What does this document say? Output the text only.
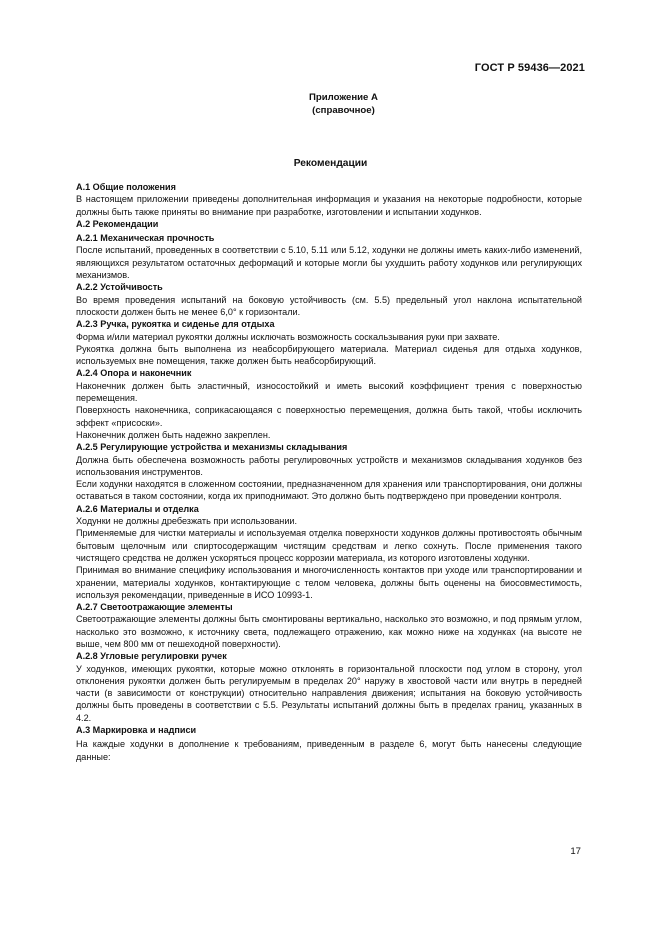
ГОСТ Р 59436—2021
Приложение А
(справочное)
Рекомендации
А.1 Общие положения

В настоящем приложении приведены дополнительная информация и указания на некоторые подробности, которые должны быть также приняты во внимание при разработке, изготовлении и испытании ходунков.

А.2 Рекомендации
А.2.1 Механическая прочность

После испытаний, проведенных в соответствии с 5.10, 5.11 или 5.12, ходунки не должны иметь каких-либо изменений, являющихся результатом остаточных деформаций и которые могли бы ухудшить работу ходунков или регулирующих механизмов.

А.2.2 Устойчивость

Во время проведения испытаний на боковую устойчивость (см. 5.5) предельный угол наклона испытательной плоскости должен быть не менее 6,0° к горизонтали.

А.2.3 Ручка, рукоятка и сиденье для отдыха

Форма и/или материал рукоятки должны исключать возможность соскальзывания руки при захвате.

Рукоятка должна быть выполнена из неабсорбирующего материала. Материал сиденья для отдыха ходунков, используемых вне помещения, также должен быть неабсорбирующий.

А.2.4 Опора и наконечник

Наконечник должен быть эластичный, износостойкий и иметь высокий коэффициент трения с поверхностью перемещения.

Поверхность наконечника, соприкасающаяся с поверхностью перемещения, должна быть такой, чтобы исключить эффект «присоски».

Наконечник должен быть надежно закреплен.

А.2.5 Регулирующие устройства и механизмы складывания

Должна быть обеспечена возможность работы регулировочных устройств и механизмов складывания ходунков без использования инструментов.

Если ходунки находятся в сложенном состоянии, предназначенном для хранения или транспортирования, они должны оставаться в таком состоянии, когда их приподнимают. Это должно быть подтверждено при проведении контроля.

А.2.6 Материалы и отделка

Ходунки не должны дребезжать при использовании.

Применяемые для чистки материалы и используемая отделка поверхности ходунков должны противостоять обычным бытовым щелочным или спиртосодержащим чистящим средствам и легко сохнуть. После применения такого чистящего средства не должен ускоряться процесс коррозии материала, из которого изготовлены ходунки.

Принимая во внимание специфику использования и многочисленность контактов при уходе или транспортировании и хранении, материалы ходунков, контактирующие с телом человека, должны быть оценены на биосовместимость, используя рекомендации, приведенные в ИСО 10993-1.

А.2.7 Светоотражающие элементы

Светоотражающие элементы должны быть смонтированы вертикально, насколько это возможно, и под прямым углом, насколько это возможно, к источнику света, подлежащего отражению, как можно ниже на ходунках (на высоте не выше, чем 800 мм от пешеходной поверхности).

А.2.8 Угловые регулировки ручек

У ходунков, имеющих рукоятки, которые можно отклонять в горизонтальной плоскости под углом в сторону, угол отклонения рукоятки должен быть регулируемым в пределах 20° наружу в хвостовой части или внутрь в передней части (в зависимости от конструкции) относительно направления движения; испытания на боковую устойчивость должны быть проведены в соответствии с 5.5. Результаты испытаний должны быть в пределах границ, указанных в 4.2.

А.3 Маркировка и надписи

На каждые ходунки в дополнение к требованиям, приведенным в разделе 6, могут быть нанесены следующие данные:

17
